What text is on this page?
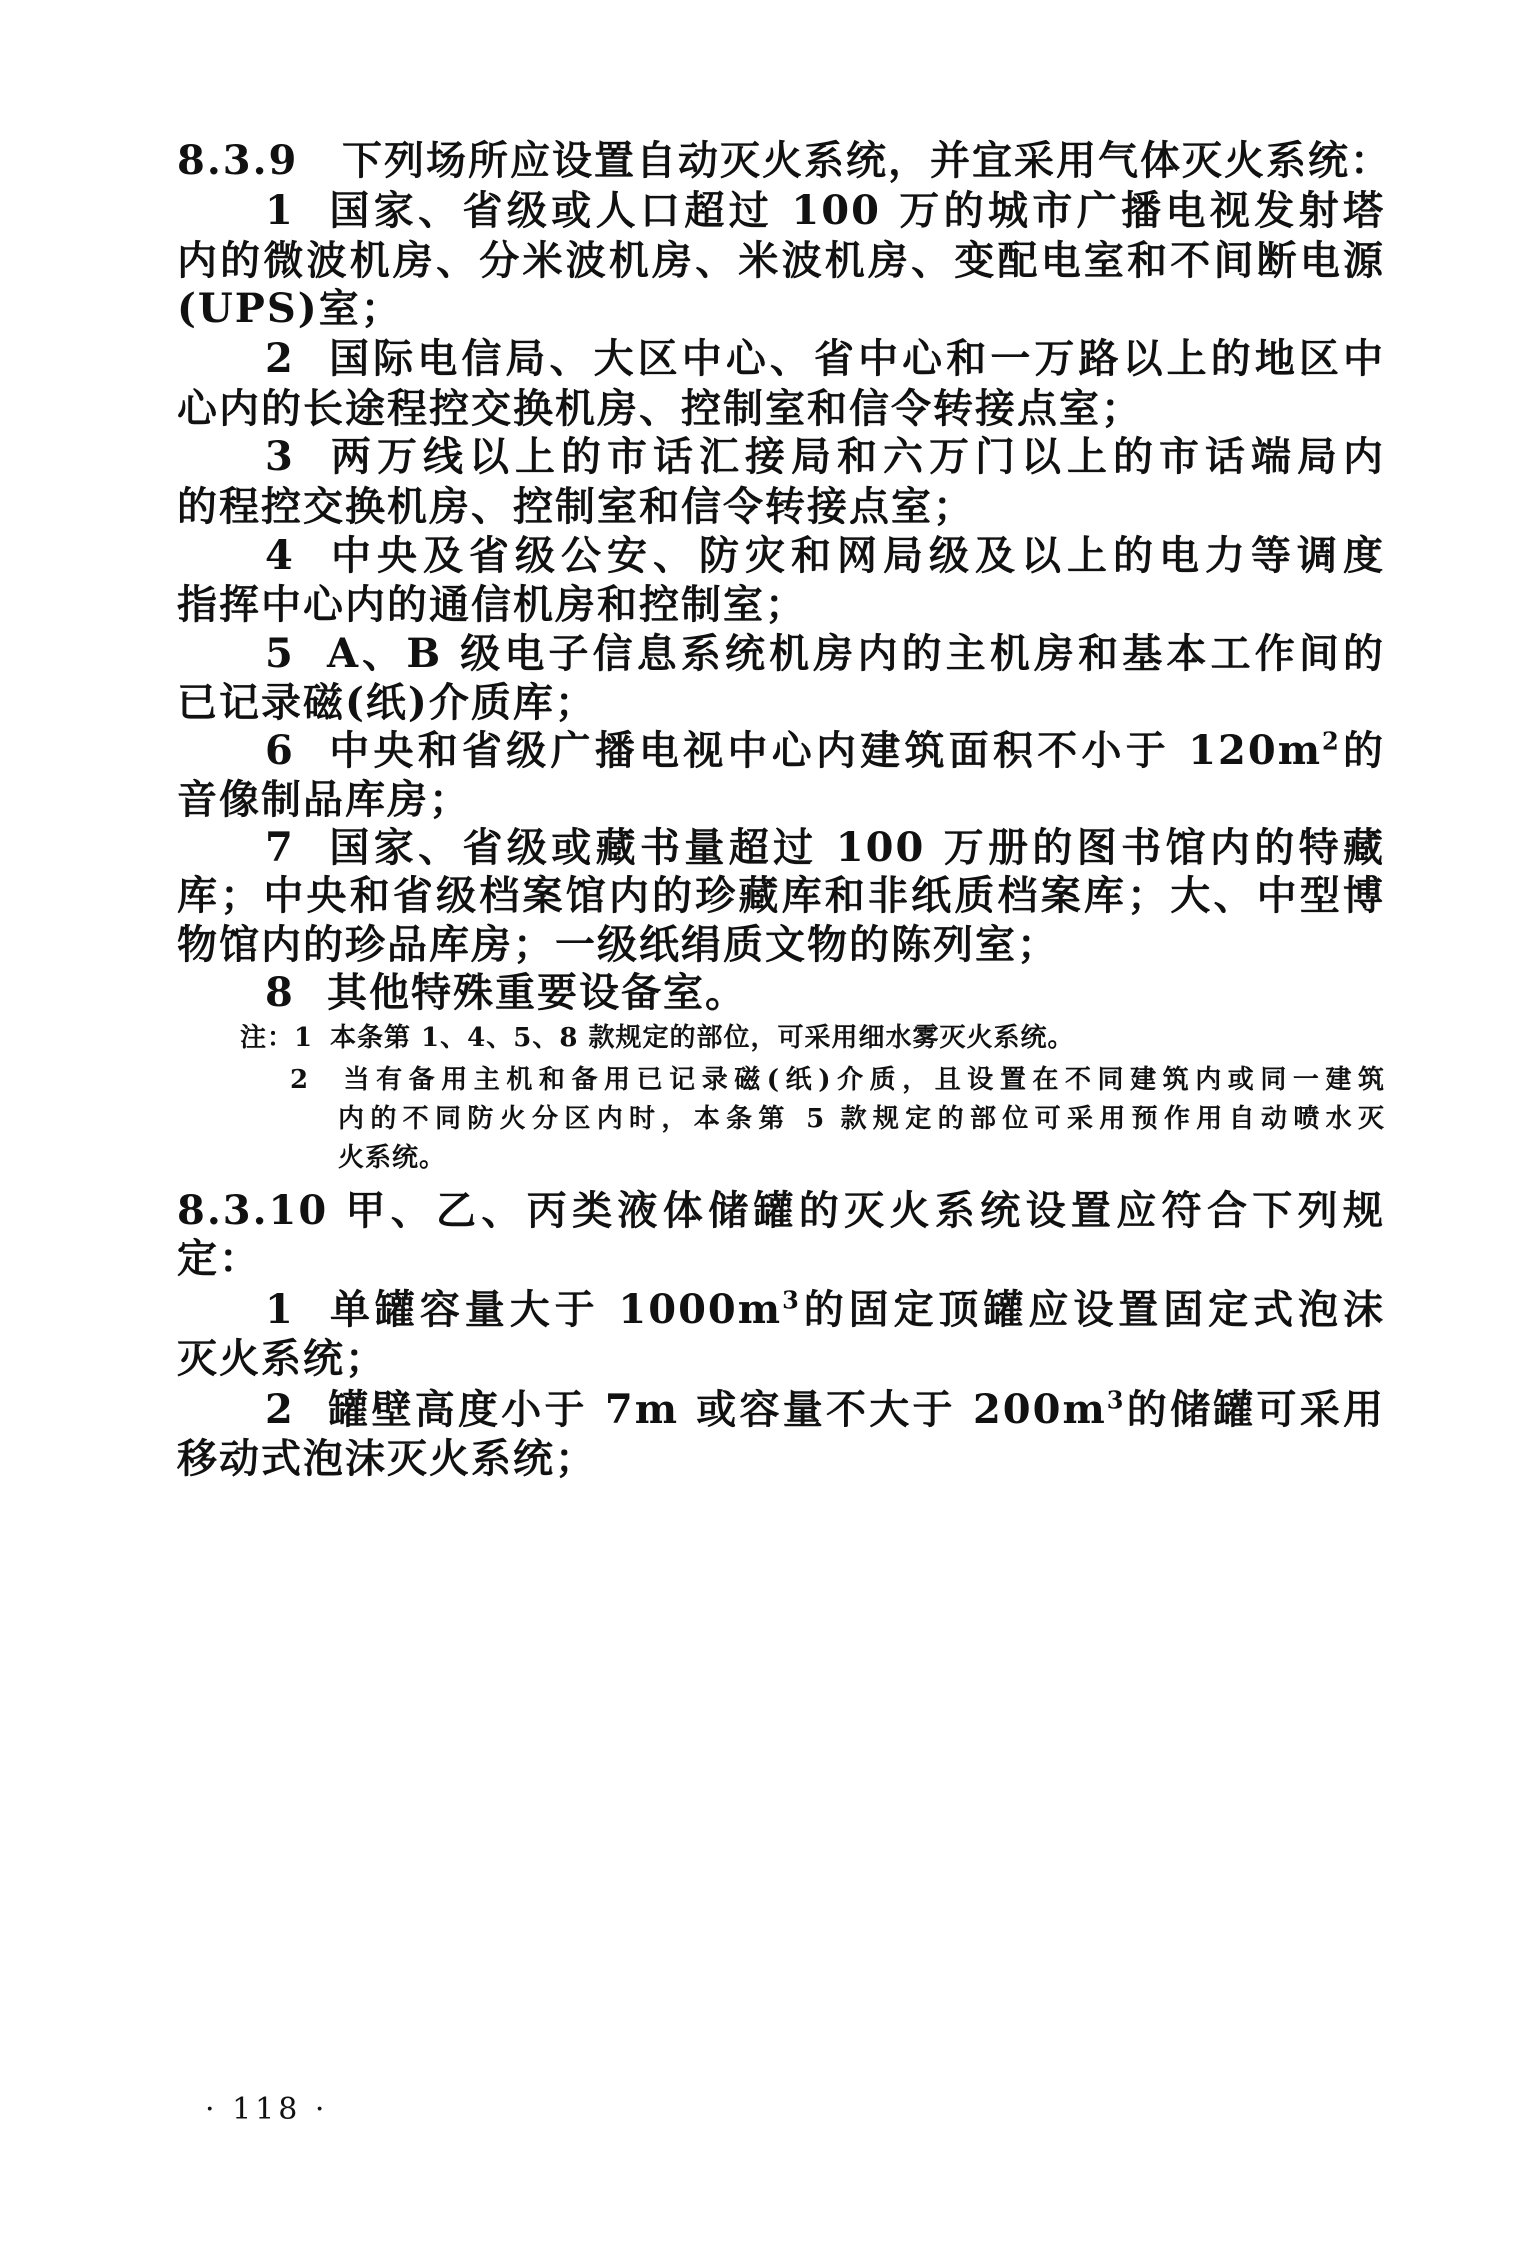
8.3.9 下列场所应设置自动灭火系统，并宜采用气体灭火系统：
1 国家、省级或人口超过 100 万的城市广播电视发射塔
内的微波机房、分米波机房、米波机房、变配电室和不间断电源
(UPS)室；
2 国际电信局、大区中心、省中心和一万路以上的地区中
心内的长途程控交换机房、控制室和信令转接点室；
3 两万线以上的市话汇接局和六万门以上的市话端局内
的程控交换机房、控制室和信令转接点室；
4 中央及省级公安、防灾和网局级及以上的电力等调度
指挥中心内的通信机房和控制室；
5 A、B 级电子信息系统机房内的主机房和基本工作间的
已记录磁(纸)介质库；
6 中央和省级广播电视中心内建筑面积不小于 $120m^2$的
音像制品库房；
7 国家、省级或藏书量超过 100 万册的图书馆内的特藏
库；中央和省级档案馆内的珍藏库和非纸质档案库；大、中型博
物馆内的珍品库房；一级纸绢质文物的陈列室；
8 其他特殊重要设备室。
注：1 本条第 1、4、5、8 款规定的部位，可采用细水雾灭火系统。
2 当有备用主机和备用已记录磁(纸)介质，且设置在不同建筑内或同一建筑
内的不同防火分区内时，本条第 5 款规定的部位可采用预作用自动喷水灭
火系统。
8.3.10 甲、乙、丙类液体储罐的灭火系统设置应符合下列规
定：
1 单罐容量大于 $1000m^3$的固定顶罐应设置固定式泡沫
灭火系统；
2 罐壁高度小于 7m 或容量不大于 $200m^3$的储罐可采用
移动式泡沫灭火系统；
· 118 ·
